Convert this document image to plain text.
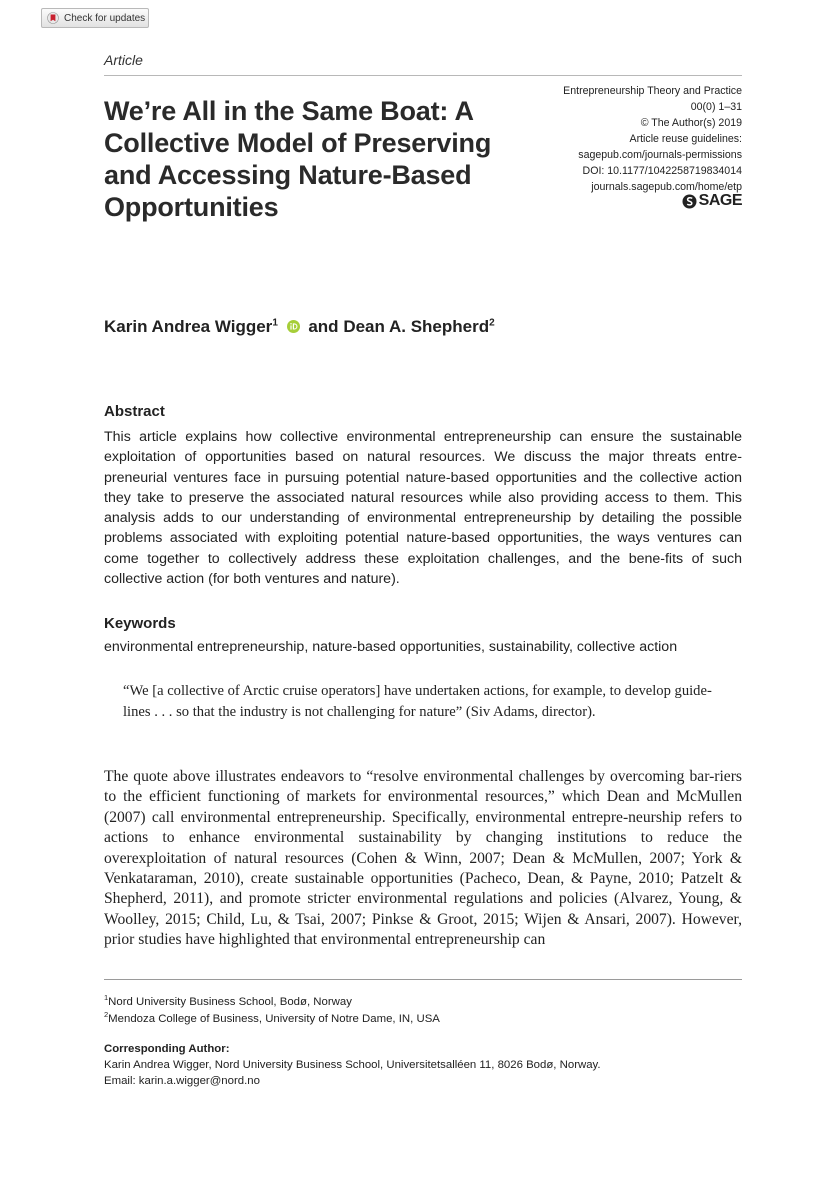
Check for updates
Article
We’re All in the Same Boat: A Collective Model of Preserving and Accessing Nature-Based Opportunities
Entrepreneurship Theory and Practice
00(0) 1–31
© The Author(s) 2019
Article reuse guidelines:
sagepub.com/journals-permissions
DOI: 10.1177/1042258719834014
journals.sagepub.com/home/etp
SAGE
Karin Andrea Wigger$^1$ and Dean A. Shepherd$^2$
Abstract

This article explains how collective environmental entrepreneurship can ensure the sustainable exploitation of opportunities based on natural resources. We discuss the major threats entre-preneurial ventures face in pursuing potential nature-based opportunities and the collective action they take to preserve the associated natural resources while also providing access to them. This analysis adds to our understanding of environmental entrepreneurship by detailing the possible problems associated with exploiting potential nature-based opportunities, the ways ventures can come together to collectively address these exploitation challenges, and the bene-fits of such collective action (for both ventures and nature).

Keywords
environmental entrepreneurship, nature-based opportunities, sustainability, collective action

“We [a collective of Arctic cruise operators] have undertaken actions, for example, to develop guide-lines . . . so that the industry is not challenging for nature” (Siv Adams, director).

The quote above illustrates endeavors to “resolve environmental challenges by overcoming bar-riers to the efficient functioning of markets for environmental resources,” which Dean and McMullen (2007) call environmental entrepreneurship. Specifically, environmental entrepre-neurship refers to actions to enhance environmental sustainability by changing institutions to reduce the overexploitation of natural resources (Cohen & Winn, 2007; Dean & McMullen, 2007; York & Venkataraman, 2010), create sustainable opportunities (Pacheco, Dean, & Payne, 2010; Patzelt & Shepherd, 2011), and promote stricter environmental regulations and policies (Alvarez, Young, & Woolley, 2015; Child, Lu, & Tsai, 2007; Pinkse & Groot, 2015; Wijen & Ansari, 2007). However, prior studies have highlighted that environmental entrepreneurship can

$^1$Nord University Business School, Bodø, Norway
$^2$Mendoza College of Business, University of Notre Dame, IN, USA
Corresponding Author:
Karin Andrea Wigger, Nord University Business School, Universitetsalléen 11, 8026 Bodø, Norway.
Email: karin.a.wigger@nord.no
